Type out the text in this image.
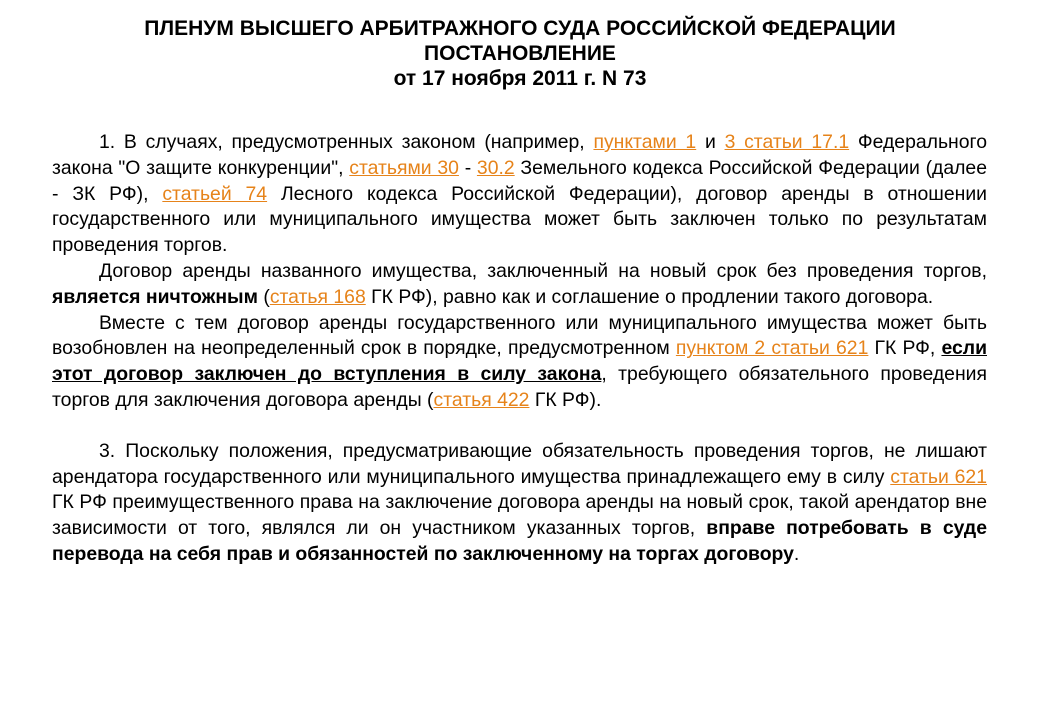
ПЛЕНУМ ВЫСШЕГО АРБИТРАЖНОГО СУДА РОССИЙСКОЙ ФЕДЕРАЦИИ
ПОСТАНОВЛЕНИЕ
от 17 ноября 2011 г. N 73

1. В случаях, предусмотренных законом (например, пунктами 1 и 3 статьи 17.1 Федерального закона "О защите конкуренции", статьями 30 - 30.2 Земельного кодекса Российской Федерации (далее - ЗК РФ), статьей 74 Лесного кодекса Российской Федерации), договор аренды в отношении государственного или муниципального имущества может быть заключен только по результатам проведения торгов.

Договор аренды названного имущества, заключенный на новый срок без проведения торгов, является ничтожным (статья 168 ГК РФ), равно как и соглашение о продлении такого договора.

Вместе с тем договор аренды государственного или муниципального имущества может быть возобновлен на неопределенный срок в порядке, предусмотренном пунктом 2 статьи 621 ГК РФ, если этот договор заключен до вступления в силу закона, требующего обязательного проведения торгов для заключения договора аренды (статья 422 ГК РФ).

3. Поскольку положения, предусматривающие обязательность проведения торгов, не лишают арендатора государственного или муниципального имущества принадлежащего ему в силу статьи 621 ГК РФ преимущественного права на заключение договора аренды на новый срок, такой арендатор вне зависимости от того, являлся ли он участником указанных торгов, вправе потребовать в суде перевода на себя прав и обязанностей по заключенному на торгах договору.
